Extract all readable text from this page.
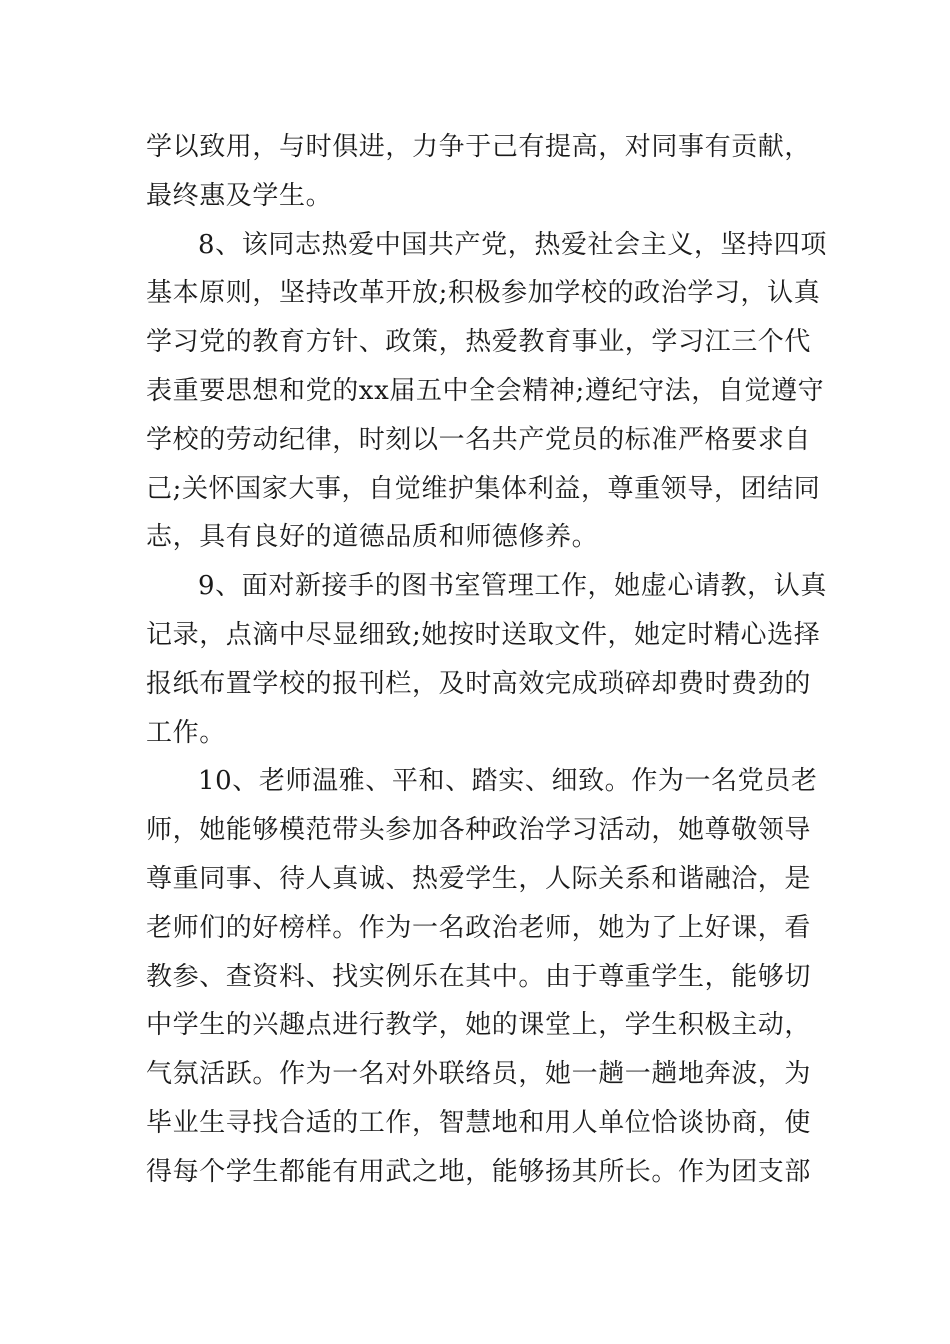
学以致用，与时俱进，力争于己有提高，对同事有贡献，
最终惠及学生。
8、该同志热爱中国共产党，热爱社会主义，坚持四项
基本原则，坚持改革开放;积极参加学校的政治学习，认真
学习党的教育方针、政策，热爱教育事业，学习江三个代
表重要思想和党的xx届五中全会精神;遵纪守法，自觉遵守
学校的劳动纪律，时刻以一名共产党员的标准严格要求自
己;关怀国家大事，自觉维护集体利益，尊重领导，团结同
志，具有良好的道德品质和师德修养。
9、面对新接手的图书室管理工作，她虚心请教，认真
记录，点滴中尽显细致;她按时送取文件，她定时精心选择
报纸布置学校的报刊栏，及时高效完成琐碎却费时费劲的
工作。
10、老师温雅、平和、踏实、细致。作为一名党员老
师，她能够模范带头参加各种政治学习活动，她尊敬领导
尊重同事、待人真诚、热爱学生，人际关系和谐融洽，是
老师们的好榜样。作为一名政治老师，她为了上好课，看
教参、查资料、找实例乐在其中。由于尊重学生，能够切
中学生的兴趣点进行教学，她的课堂上，学生积极主动，
气氛活跃。作为一名对外联络员，她一趟一趟地奔波，为
毕业生寻找合适的工作，智慧地和用人单位恰谈协商，使
得每个学生都能有用武之地，能够扬其所长。作为团支部
